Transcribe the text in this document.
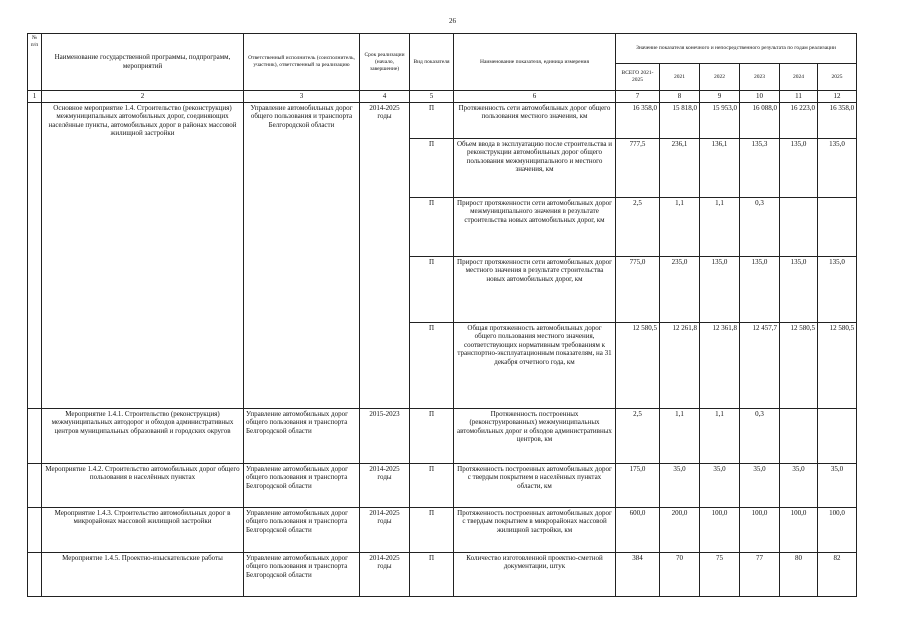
26
№ п/п	Наименование государственной программы, подпрограмм, мероприятий	Ответственный исполнитель (соисполнитель, участник), ответственный за реализацию	Срок реализации (начало, завершение)	Вид показателя	Наименование показателя, единица измерения	Значение показателя конечного и непосредственного результата по годам реализации					
						ВСЕГО 2021-2025	2021	2022	2023	2024	2025
1	2	3	4	5	6	7	8	9	10	11	12
	Основное мероприятие 1.4. Строительство (реконструкция) межмуниципальных автомобильных дорог, соединяющих населённые пункты, автомобильных дорог в районах массовой жилищной застройки	Управление автомобильных дорог общего пользования и транспорта Белгородской области	2014-2025 годы	П	Протяженность сети автомобильных дорог общего пользования местного значения, км	16 358,0	15 818,0	15 953,0	16 088,0	16 223,0	16 358,0
				П	Объем ввода в эксплуатацию после строительства и реконструкции автомобильных дорог общего пользования межмуниципального и местного значения, км	777,5	236,1	136,1	135,3	135,0	135,0
				П	Прирост протяженности сети автомобильных дорог межмуниципального значения в результате строительства новых автомобильных дорог, км	2,5	1,1	1,1	0,3		
				П	Прирост протяженности сети автомобильных дорог местного значения в результате строительства новых автомобильных дорог, км	775,0	235,0	135,0	135,0	135,0	135,0
				П	Общая протяженность автомобильных дорог общего пользования местного значения, соответствующих нормативным требованиям к транспортно-эксплуатационным показателям, на 31 декабря отчетного года, км	12 580,5	12 261,8	12 361,8	12 457,7	12 580,5	12 580,5
	Мероприятие 1.4.1. Строительство (реконструкция) межмуниципальных автодорог и обходов административных центров муниципальных образований и городских округов	Управление автомобильных дорог общего пользования и транспорта Белгородской области	2015-2023	П	Протяженность построенных (реконструированных) межмуниципальных автомобильных дорог и обходов административных центров, км	2,5	1,1	1,1	0,3		
	Мероприятие 1.4.2. Строительство автомобильных дорог общего пользования в населённых пунктах	Управление автомобильных дорог общего пользования и транспорта Белгородской области	2014-2025 годы	П	Протяженность построенных автомобильных дорог с твердым покрытием в населённых пунктах области, км	175,0	35,0	35,0	35,0	35,0	35,0
	Мероприятие 1.4.3. Строительство автомобильных дорог в микрорайонах массовой жилищной застройки	Управление автомобильных дорог общего пользования и транспорта Белгородской области	2014-2025 годы	П	Протяженность построенных автомобильных дорог с твердым покрытием в микрорайонах массовой жилищной застройки, км	600,0	200,0	100,0	100,0	100,0	100,0
	Мероприятие 1.4.5. Проектно-изыскательские работы	Управление автомобильных дорог общего пользования и транспорта Белгородской области	2014-2025 годы	П	Количество изготовленной проектно-сметной документации, штук	384	70	75	77	80	82
